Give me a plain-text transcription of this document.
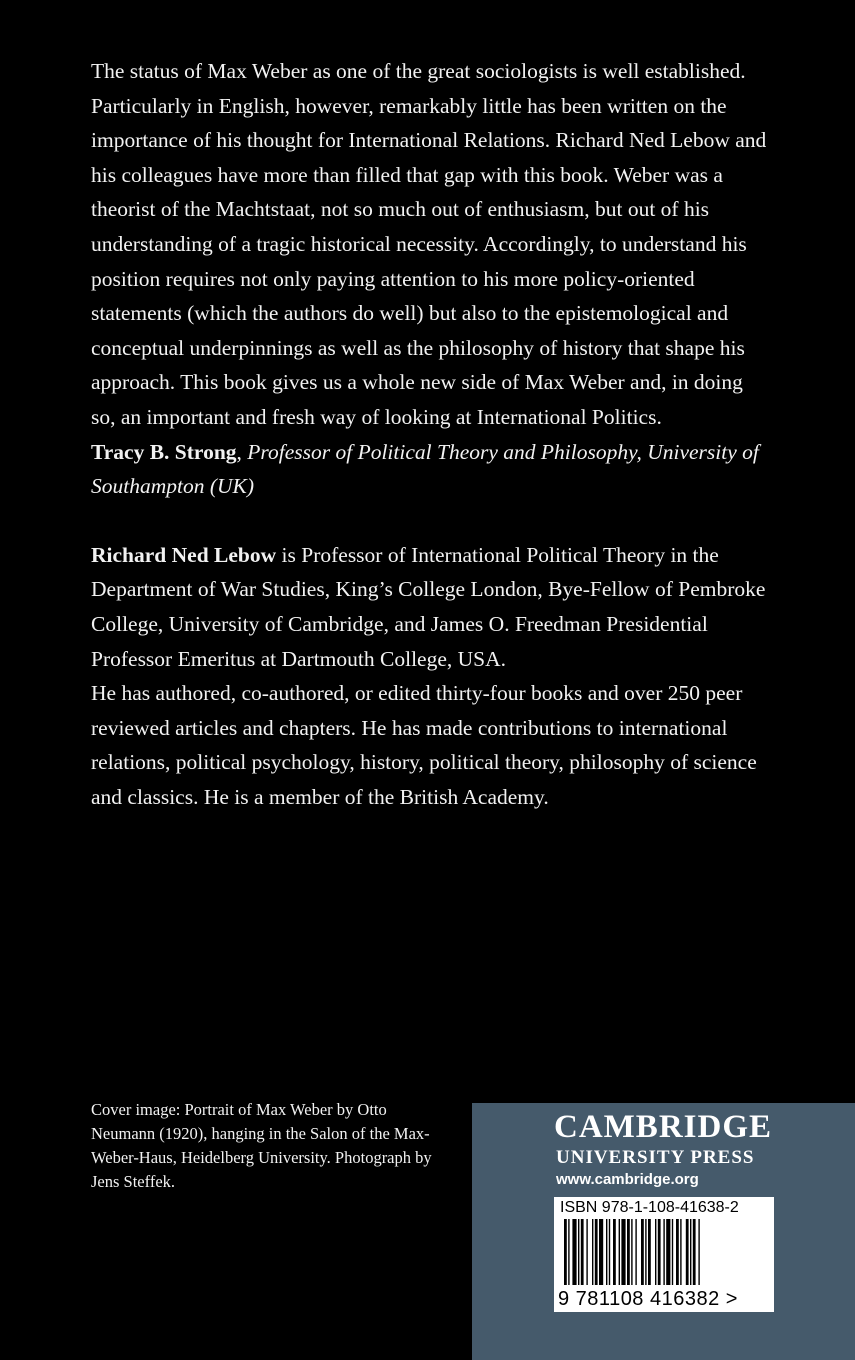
The status of Max Weber as one of the great sociologists is well established. Particularly in English, however, remarkably little has been written on the importance of his thought for International Relations. Richard Ned Lebow and his colleagues have more than filled that gap with this book. Weber was a theorist of the Machtstaat, not so much out of enthusiasm, but out of his understanding of a tragic historical necessity. Accordingly, to understand his position requires not only paying attention to his more policy-oriented statements (which the authors do well) but also to the epistemological and conceptual underpinnings as well as the philosophy of history that shape his approach. This book gives us a whole new side of Max Weber and, in doing so, an important and fresh way of looking at International Politics.

Tracy B. Strong, Professor of Political Theory and Philosophy, University of Southampton (UK)

Richard Ned Lebow is Professor of International Political Theory in the Department of War Studies, King’s College London, Bye-Fellow of Pembroke College, University of Cambridge, and James O. Freedman Presidential Professor Emeritus at Dartmouth College, USA.

He has authored, co-authored, or edited thirty-four books and over 250 peer reviewed articles and chapters. He has made contributions to international relations, political psychology, history, political theory, philosophy of science and classics. He is a member of the British Academy.

Cover image: Portrait of Max Weber by Otto Neumann (1920), hanging in the Salon of the Max-Weber-Haus, Heidelberg University. Photograph by Jens Steffek.

CAMBRIDGE
UNIVERSITY PRESS
www.cambridge.org
ISBN 978-1-108-41638-2
9 781108 416382 >
